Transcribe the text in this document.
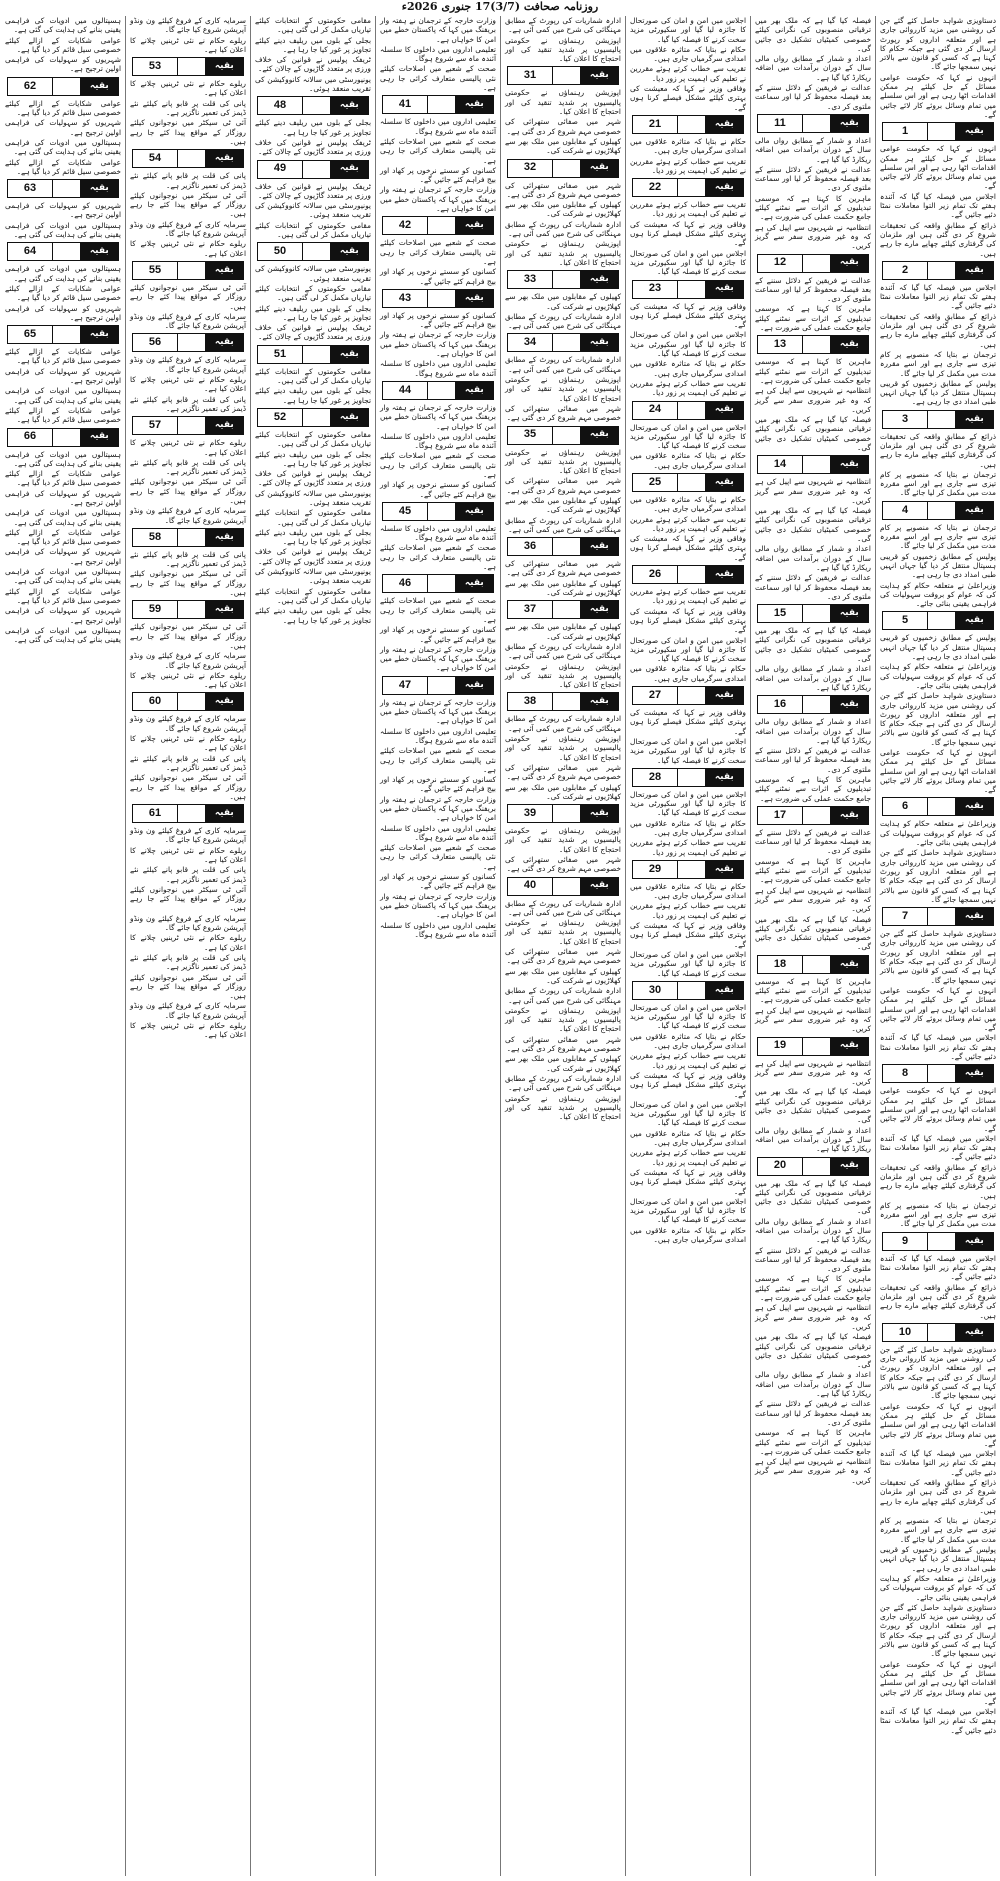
روزنامہ صحافت (3/7)17 جنوری 2026ء

دستاویزی شواہد حاصل کئے گئے جن کی روشنی میں مزید کارروائی جاری ہے اور متعلقہ اداروں کو رپورٹ ارسال کر دی گئی ہے جبکہ حکام کا کہنا ہے کہ کسی کو قانون سے بالاتر نہیں سمجھا جائے گا۔

انہوں نے کہا کہ حکومت عوامی مسائل کے حل کیلئے ہر ممکن اقدامات اٹھا رہی ہے اور اس سلسلے میں تمام وسائل بروئے کار لائے جائیں گے۔

1	بقیہ

انہوں نے کہا کہ حکومت عوامی مسائل کے حل کیلئے ہر ممکن اقدامات اٹھا رہی ہے اور اس سلسلے میں تمام وسائل بروئے کار لائے جائیں گے۔

اجلاس میں فیصلہ کیا گیا کہ آئندہ ہفتے تک تمام زیر التوا معاملات نمٹا دئیے جائیں گے۔

ذرائع کے مطابق واقعہ کی تحقیقات شروع کر دی گئی ہیں اور ملزمان کی گرفتاری کیلئے چھاپے مارے جا رہے ہیں۔

2	بقیہ

اجلاس میں فیصلہ کیا گیا کہ آئندہ ہفتے تک تمام زیر التوا معاملات نمٹا دئیے جائیں گے۔

ذرائع کے مطابق واقعہ کی تحقیقات شروع کر دی گئی ہیں اور ملزمان کی گرفتاری کیلئے چھاپے مارے جا رہے ہیں۔

ترجمان نے بتایا کہ منصوبے پر کام تیزی سے جاری ہے اور اسے مقررہ مدت میں مکمل کر لیا جائے گا۔

پولیس کے مطابق زخمیوں کو قریبی ہسپتال منتقل کر دیا گیا جہاں انہیں طبی امداد دی جا رہی ہے۔

3	بقیہ

ذرائع کے مطابق واقعہ کی تحقیقات شروع کر دی گئی ہیں اور ملزمان کی گرفتاری کیلئے چھاپے مارے جا رہے ہیں۔

ترجمان نے بتایا کہ منصوبے پر کام تیزی سے جاری ہے اور اسے مقررہ مدت میں مکمل کر لیا جائے گا۔

4	بقیہ

ترجمان نے بتایا کہ منصوبے پر کام تیزی سے جاری ہے اور اسے مقررہ مدت میں مکمل کر لیا جائے گا۔

پولیس کے مطابق زخمیوں کو قریبی ہسپتال منتقل کر دیا گیا جہاں انہیں طبی امداد دی جا رہی ہے۔

وزیراعلیٰ نے متعلقہ حکام کو ہدایت کی کہ عوام کو بروقت سہولیات کی فراہمی یقینی بنائی جائے۔

5	بقیہ

پولیس کے مطابق زخمیوں کو قریبی ہسپتال منتقل کر دیا گیا جہاں انہیں طبی امداد دی جا رہی ہے۔

وزیراعلیٰ نے متعلقہ حکام کو ہدایت کی کہ عوام کو بروقت سہولیات کی فراہمی یقینی بنائی جائے۔

دستاویزی شواہد حاصل کئے گئے جن کی روشنی میں مزید کارروائی جاری ہے اور متعلقہ اداروں کو رپورٹ ارسال کر دی گئی ہے جبکہ حکام کا کہنا ہے کہ کسی کو قانون سے بالاتر نہیں سمجھا جائے گا۔

انہوں نے کہا کہ حکومت عوامی مسائل کے حل کیلئے ہر ممکن اقدامات اٹھا رہی ہے اور اس سلسلے میں تمام وسائل بروئے کار لائے جائیں گے۔

6	بقیہ

وزیراعلیٰ نے متعلقہ حکام کو ہدایت کی کہ عوام کو بروقت سہولیات کی فراہمی یقینی بنائی جائے۔

دستاویزی شواہد حاصل کئے گئے جن کی روشنی میں مزید کارروائی جاری ہے اور متعلقہ اداروں کو رپورٹ ارسال کر دی گئی ہے جبکہ حکام کا کہنا ہے کہ کسی کو قانون سے بالاتر نہیں سمجھا جائے گا۔

7	بقیہ

دستاویزی شواہد حاصل کئے گئے جن کی روشنی میں مزید کارروائی جاری ہے اور متعلقہ اداروں کو رپورٹ ارسال کر دی گئی ہے جبکہ حکام کا کہنا ہے کہ کسی کو قانون سے بالاتر نہیں سمجھا جائے گا۔

انہوں نے کہا کہ حکومت عوامی مسائل کے حل کیلئے ہر ممکن اقدامات اٹھا رہی ہے اور اس سلسلے میں تمام وسائل بروئے کار لائے جائیں گے۔

اجلاس میں فیصلہ کیا گیا کہ آئندہ ہفتے تک تمام زیر التوا معاملات نمٹا دئیے جائیں گے۔

8	بقیہ

انہوں نے کہا کہ حکومت عوامی مسائل کے حل کیلئے ہر ممکن اقدامات اٹھا رہی ہے اور اس سلسلے میں تمام وسائل بروئے کار لائے جائیں گے۔

اجلاس میں فیصلہ کیا گیا کہ آئندہ ہفتے تک تمام زیر التوا معاملات نمٹا دئیے جائیں گے۔

ذرائع کے مطابق واقعہ کی تحقیقات شروع کر دی گئی ہیں اور ملزمان کی گرفتاری کیلئے چھاپے مارے جا رہے ہیں۔

ترجمان نے بتایا کہ منصوبے پر کام تیزی سے جاری ہے اور اسے مقررہ مدت میں مکمل کر لیا جائے گا۔

9	بقیہ

اجلاس میں فیصلہ کیا گیا کہ آئندہ ہفتے تک تمام زیر التوا معاملات نمٹا دئیے جائیں گے۔

ذرائع کے مطابق واقعہ کی تحقیقات شروع کر دی گئی ہیں اور ملزمان کی گرفتاری کیلئے چھاپے مارے جا رہے ہیں۔

10	بقیہ

دستاویزی شواہد حاصل کئے گئے جن کی روشنی میں مزید کارروائی جاری ہے اور متعلقہ اداروں کو رپورٹ ارسال کر دی گئی ہے جبکہ حکام کا کہنا ہے کہ کسی کو قانون سے بالاتر نہیں سمجھا جائے گا۔

انہوں نے کہا کہ حکومت عوامی مسائل کے حل کیلئے ہر ممکن اقدامات اٹھا رہی ہے اور اس سلسلے میں تمام وسائل بروئے کار لائے جائیں گے۔

اجلاس میں فیصلہ کیا گیا کہ آئندہ ہفتے تک تمام زیر التوا معاملات نمٹا دئیے جائیں گے۔

ذرائع کے مطابق واقعہ کی تحقیقات شروع کر دی گئی ہیں اور ملزمان کی گرفتاری کیلئے چھاپے مارے جا رہے ہیں۔

ترجمان نے بتایا کہ منصوبے پر کام تیزی سے جاری ہے اور اسے مقررہ مدت میں مکمل کر لیا جائے گا۔

پولیس کے مطابق زخمیوں کو قریبی ہسپتال منتقل کر دیا گیا جہاں انہیں طبی امداد دی جا رہی ہے۔

وزیراعلیٰ نے متعلقہ حکام کو ہدایت کی کہ عوام کو بروقت سہولیات کی فراہمی یقینی بنائی جائے۔

دستاویزی شواہد حاصل کئے گئے جن کی روشنی میں مزید کارروائی جاری ہے اور متعلقہ اداروں کو رپورٹ ارسال کر دی گئی ہے جبکہ حکام کا کہنا ہے کہ کسی کو قانون سے بالاتر نہیں سمجھا جائے گا۔

انہوں نے کہا کہ حکومت عوامی مسائل کے حل کیلئے ہر ممکن اقدامات اٹھا رہی ہے اور اس سلسلے میں تمام وسائل بروئے کار لائے جائیں گے۔

اجلاس میں فیصلہ کیا گیا کہ آئندہ ہفتے تک تمام زیر التوا معاملات نمٹا دئیے جائیں گے۔

فیصلہ کیا گیا ہے کہ ملک بھر میں ترقیاتی منصوبوں کی نگرانی کیلئے خصوصی کمیٹیاں تشکیل دی جائیں گی۔

اعداد و شمار کے مطابق رواں مالی سال کے دوران برآمدات میں اضافہ ریکارڈ کیا گیا ہے۔

عدالت نے فریقین کے دلائل سننے کے بعد فیصلہ محفوظ کر لیا اور سماعت ملتوی کر دی۔

11	بقیہ

اعداد و شمار کے مطابق رواں مالی سال کے دوران برآمدات میں اضافہ ریکارڈ کیا گیا ہے۔

عدالت نے فریقین کے دلائل سننے کے بعد فیصلہ محفوظ کر لیا اور سماعت ملتوی کر دی۔

ماہرین کا کہنا ہے کہ موسمی تبدیلیوں کے اثرات سے نمٹنے کیلئے جامع حکمت عملی کی ضرورت ہے۔

انتظامیہ نے شہریوں سے اپیل کی ہے کہ وہ غیر ضروری سفر سے گریز کریں۔

12	بقیہ

عدالت نے فریقین کے دلائل سننے کے بعد فیصلہ محفوظ کر لیا اور سماعت ملتوی کر دی۔

ماہرین کا کہنا ہے کہ موسمی تبدیلیوں کے اثرات سے نمٹنے کیلئے جامع حکمت عملی کی ضرورت ہے۔

13	بقیہ

ماہرین کا کہنا ہے کہ موسمی تبدیلیوں کے اثرات سے نمٹنے کیلئے جامع حکمت عملی کی ضرورت ہے۔

انتظامیہ نے شہریوں سے اپیل کی ہے کہ وہ غیر ضروری سفر سے گریز کریں۔

فیصلہ کیا گیا ہے کہ ملک بھر میں ترقیاتی منصوبوں کی نگرانی کیلئے خصوصی کمیٹیاں تشکیل دی جائیں گی۔

14	بقیہ

انتظامیہ نے شہریوں سے اپیل کی ہے کہ وہ غیر ضروری سفر سے گریز کریں۔

فیصلہ کیا گیا ہے کہ ملک بھر میں ترقیاتی منصوبوں کی نگرانی کیلئے خصوصی کمیٹیاں تشکیل دی جائیں گی۔

اعداد و شمار کے مطابق رواں مالی سال کے دوران برآمدات میں اضافہ ریکارڈ کیا گیا ہے۔

عدالت نے فریقین کے دلائل سننے کے بعد فیصلہ محفوظ کر لیا اور سماعت ملتوی کر دی۔

15	بقیہ

فیصلہ کیا گیا ہے کہ ملک بھر میں ترقیاتی منصوبوں کی نگرانی کیلئے خصوصی کمیٹیاں تشکیل دی جائیں گی۔

اعداد و شمار کے مطابق رواں مالی سال کے دوران برآمدات میں اضافہ ریکارڈ کیا گیا ہے۔

16	بقیہ

اعداد و شمار کے مطابق رواں مالی سال کے دوران برآمدات میں اضافہ ریکارڈ کیا گیا ہے۔

عدالت نے فریقین کے دلائل سننے کے بعد فیصلہ محفوظ کر لیا اور سماعت ملتوی کر دی۔

ماہرین کا کہنا ہے کہ موسمی تبدیلیوں کے اثرات سے نمٹنے کیلئے جامع حکمت عملی کی ضرورت ہے۔

17	بقیہ

عدالت نے فریقین کے دلائل سننے کے بعد فیصلہ محفوظ کر لیا اور سماعت ملتوی کر دی۔

ماہرین کا کہنا ہے کہ موسمی تبدیلیوں کے اثرات سے نمٹنے کیلئے جامع حکمت عملی کی ضرورت ہے۔

انتظامیہ نے شہریوں سے اپیل کی ہے کہ وہ غیر ضروری سفر سے گریز کریں۔

فیصلہ کیا گیا ہے کہ ملک بھر میں ترقیاتی منصوبوں کی نگرانی کیلئے خصوصی کمیٹیاں تشکیل دی جائیں گی۔

18	بقیہ

ماہرین کا کہنا ہے کہ موسمی تبدیلیوں کے اثرات سے نمٹنے کیلئے جامع حکمت عملی کی ضرورت ہے۔

انتظامیہ نے شہریوں سے اپیل کی ہے کہ وہ غیر ضروری سفر سے گریز کریں۔

19	بقیہ

انتظامیہ نے شہریوں سے اپیل کی ہے کہ وہ غیر ضروری سفر سے گریز کریں۔

فیصلہ کیا گیا ہے کہ ملک بھر میں ترقیاتی منصوبوں کی نگرانی کیلئے خصوصی کمیٹیاں تشکیل دی جائیں گی۔

اعداد و شمار کے مطابق رواں مالی سال کے دوران برآمدات میں اضافہ ریکارڈ کیا گیا ہے۔

20	بقیہ

فیصلہ کیا گیا ہے کہ ملک بھر میں ترقیاتی منصوبوں کی نگرانی کیلئے خصوصی کمیٹیاں تشکیل دی جائیں گی۔

اعداد و شمار کے مطابق رواں مالی سال کے دوران برآمدات میں اضافہ ریکارڈ کیا گیا ہے۔

عدالت نے فریقین کے دلائل سننے کے بعد فیصلہ محفوظ کر لیا اور سماعت ملتوی کر دی۔

ماہرین کا کہنا ہے کہ موسمی تبدیلیوں کے اثرات سے نمٹنے کیلئے جامع حکمت عملی کی ضرورت ہے۔

انتظامیہ نے شہریوں سے اپیل کی ہے کہ وہ غیر ضروری سفر سے گریز کریں۔

فیصلہ کیا گیا ہے کہ ملک بھر میں ترقیاتی منصوبوں کی نگرانی کیلئے خصوصی کمیٹیاں تشکیل دی جائیں گی۔

اعداد و شمار کے مطابق رواں مالی سال کے دوران برآمدات میں اضافہ ریکارڈ کیا گیا ہے۔

عدالت نے فریقین کے دلائل سننے کے بعد فیصلہ محفوظ کر لیا اور سماعت ملتوی کر دی۔

ماہرین کا کہنا ہے کہ موسمی تبدیلیوں کے اثرات سے نمٹنے کیلئے جامع حکمت عملی کی ضرورت ہے۔

انتظامیہ نے شہریوں سے اپیل کی ہے کہ وہ غیر ضروری سفر سے گریز کریں۔

اجلاس میں امن و امان کی صورتحال کا جائزہ لیا گیا اور سکیورٹی مزید سخت کرنے کا فیصلہ کیا گیا۔

حکام نے بتایا کہ متاثرہ علاقوں میں امدادی سرگرمیاں جاری ہیں۔

تقریب سے خطاب کرتے ہوئے مقررین نے تعلیم کی اہمیت پر زور دیا۔

وفاقی وزیر نے کہا کہ معیشت کی بہتری کیلئے مشکل فیصلے کرنا ہوں گے۔

21	بقیہ

حکام نے بتایا کہ متاثرہ علاقوں میں امدادی سرگرمیاں جاری ہیں۔

تقریب سے خطاب کرتے ہوئے مقررین نے تعلیم کی اہمیت پر زور دیا۔

22	بقیہ

تقریب سے خطاب کرتے ہوئے مقررین نے تعلیم کی اہمیت پر زور دیا۔

وفاقی وزیر نے کہا کہ معیشت کی بہتری کیلئے مشکل فیصلے کرنا ہوں گے۔

اجلاس میں امن و امان کی صورتحال کا جائزہ لیا گیا اور سکیورٹی مزید سخت کرنے کا فیصلہ کیا گیا۔

23	بقیہ

وفاقی وزیر نے کہا کہ معیشت کی بہتری کیلئے مشکل فیصلے کرنا ہوں گے۔

اجلاس میں امن و امان کی صورتحال کا جائزہ لیا گیا اور سکیورٹی مزید سخت کرنے کا فیصلہ کیا گیا۔

حکام نے بتایا کہ متاثرہ علاقوں میں امدادی سرگرمیاں جاری ہیں۔

تقریب سے خطاب کرتے ہوئے مقررین نے تعلیم کی اہمیت پر زور دیا۔

24	بقیہ

اجلاس میں امن و امان کی صورتحال کا جائزہ لیا گیا اور سکیورٹی مزید سخت کرنے کا فیصلہ کیا گیا۔

حکام نے بتایا کہ متاثرہ علاقوں میں امدادی سرگرمیاں جاری ہیں۔

25	بقیہ

حکام نے بتایا کہ متاثرہ علاقوں میں امدادی سرگرمیاں جاری ہیں۔

تقریب سے خطاب کرتے ہوئے مقررین نے تعلیم کی اہمیت پر زور دیا۔

وفاقی وزیر نے کہا کہ معیشت کی بہتری کیلئے مشکل فیصلے کرنا ہوں گے۔

26	بقیہ

تقریب سے خطاب کرتے ہوئے مقررین نے تعلیم کی اہمیت پر زور دیا۔

وفاقی وزیر نے کہا کہ معیشت کی بہتری کیلئے مشکل فیصلے کرنا ہوں گے۔

اجلاس میں امن و امان کی صورتحال کا جائزہ لیا گیا اور سکیورٹی مزید سخت کرنے کا فیصلہ کیا گیا۔

حکام نے بتایا کہ متاثرہ علاقوں میں امدادی سرگرمیاں جاری ہیں۔

27	بقیہ

وفاقی وزیر نے کہا کہ معیشت کی بہتری کیلئے مشکل فیصلے کرنا ہوں گے۔

اجلاس میں امن و امان کی صورتحال کا جائزہ لیا گیا اور سکیورٹی مزید سخت کرنے کا فیصلہ کیا گیا۔

28	بقیہ

اجلاس میں امن و امان کی صورتحال کا جائزہ لیا گیا اور سکیورٹی مزید سخت کرنے کا فیصلہ کیا گیا۔

حکام نے بتایا کہ متاثرہ علاقوں میں امدادی سرگرمیاں جاری ہیں۔

تقریب سے خطاب کرتے ہوئے مقررین نے تعلیم کی اہمیت پر زور دیا۔

29	بقیہ

حکام نے بتایا کہ متاثرہ علاقوں میں امدادی سرگرمیاں جاری ہیں۔

تقریب سے خطاب کرتے ہوئے مقررین نے تعلیم کی اہمیت پر زور دیا۔

وفاقی وزیر نے کہا کہ معیشت کی بہتری کیلئے مشکل فیصلے کرنا ہوں گے۔

اجلاس میں امن و امان کی صورتحال کا جائزہ لیا گیا اور سکیورٹی مزید سخت کرنے کا فیصلہ کیا گیا۔

30	بقیہ

اجلاس میں امن و امان کی صورتحال کا جائزہ لیا گیا اور سکیورٹی مزید سخت کرنے کا فیصلہ کیا گیا۔

حکام نے بتایا کہ متاثرہ علاقوں میں امدادی سرگرمیاں جاری ہیں۔

تقریب سے خطاب کرتے ہوئے مقررین نے تعلیم کی اہمیت پر زور دیا۔

وفاقی وزیر نے کہا کہ معیشت کی بہتری کیلئے مشکل فیصلے کرنا ہوں گے۔

اجلاس میں امن و امان کی صورتحال کا جائزہ لیا گیا اور سکیورٹی مزید سخت کرنے کا فیصلہ کیا گیا۔

حکام نے بتایا کہ متاثرہ علاقوں میں امدادی سرگرمیاں جاری ہیں۔

تقریب سے خطاب کرتے ہوئے مقررین نے تعلیم کی اہمیت پر زور دیا۔

وفاقی وزیر نے کہا کہ معیشت کی بہتری کیلئے مشکل فیصلے کرنا ہوں گے۔

اجلاس میں امن و امان کی صورتحال کا جائزہ لیا گیا اور سکیورٹی مزید سخت کرنے کا فیصلہ کیا گیا۔

حکام نے بتایا کہ متاثرہ علاقوں میں امدادی سرگرمیاں جاری ہیں۔

ادارہ شماریات کی رپورٹ کے مطابق مہنگائی کی شرح میں کمی آئی ہے۔

اپوزیشن رہنماؤں نے حکومتی پالیسیوں پر شدید تنقید کی اور احتجاج کا اعلان کیا۔

31	بقیہ

اپوزیشن رہنماؤں نے حکومتی پالیسیوں پر شدید تنقید کی اور احتجاج کا اعلان کیا۔

شہر میں صفائی ستھرائی کی خصوصی مہم شروع کر دی گئی ہے۔

کھیلوں کے مقابلوں میں ملک بھر سے کھلاڑیوں نے شرکت کی۔

32	بقیہ

شہر میں صفائی ستھرائی کی خصوصی مہم شروع کر دی گئی ہے۔

کھیلوں کے مقابلوں میں ملک بھر سے کھلاڑیوں نے شرکت کی۔

ادارہ شماریات کی رپورٹ کے مطابق مہنگائی کی شرح میں کمی آئی ہے۔

اپوزیشن رہنماؤں نے حکومتی پالیسیوں پر شدید تنقید کی اور احتجاج کا اعلان کیا۔

33	بقیہ

کھیلوں کے مقابلوں میں ملک بھر سے کھلاڑیوں نے شرکت کی۔

ادارہ شماریات کی رپورٹ کے مطابق مہنگائی کی شرح میں کمی آئی ہے۔

34	بقیہ

ادارہ شماریات کی رپورٹ کے مطابق مہنگائی کی شرح میں کمی آئی ہے۔

اپوزیشن رہنماؤں نے حکومتی پالیسیوں پر شدید تنقید کی اور احتجاج کا اعلان کیا۔

شہر میں صفائی ستھرائی کی خصوصی مہم شروع کر دی گئی ہے۔

35	بقیہ

اپوزیشن رہنماؤں نے حکومتی پالیسیوں پر شدید تنقید کی اور احتجاج کا اعلان کیا۔

شہر میں صفائی ستھرائی کی خصوصی مہم شروع کر دی گئی ہے۔

کھیلوں کے مقابلوں میں ملک بھر سے کھلاڑیوں نے شرکت کی۔

ادارہ شماریات کی رپورٹ کے مطابق مہنگائی کی شرح میں کمی آئی ہے۔

36	بقیہ

شہر میں صفائی ستھرائی کی خصوصی مہم شروع کر دی گئی ہے۔

کھیلوں کے مقابلوں میں ملک بھر سے کھلاڑیوں نے شرکت کی۔

37	بقیہ

کھیلوں کے مقابلوں میں ملک بھر سے کھلاڑیوں نے شرکت کی۔

ادارہ شماریات کی رپورٹ کے مطابق مہنگائی کی شرح میں کمی آئی ہے۔

اپوزیشن رہنماؤں نے حکومتی پالیسیوں پر شدید تنقید کی اور احتجاج کا اعلان کیا۔

38	بقیہ

ادارہ شماریات کی رپورٹ کے مطابق مہنگائی کی شرح میں کمی آئی ہے۔

اپوزیشن رہنماؤں نے حکومتی پالیسیوں پر شدید تنقید کی اور احتجاج کا اعلان کیا۔

شہر میں صفائی ستھرائی کی خصوصی مہم شروع کر دی گئی ہے۔

کھیلوں کے مقابلوں میں ملک بھر سے کھلاڑیوں نے شرکت کی۔

39	بقیہ

اپوزیشن رہنماؤں نے حکومتی پالیسیوں پر شدید تنقید کی اور احتجاج کا اعلان کیا۔

شہر میں صفائی ستھرائی کی خصوصی مہم شروع کر دی گئی ہے۔

40	بقیہ

ادارہ شماریات کی رپورٹ کے مطابق مہنگائی کی شرح میں کمی آئی ہے۔

اپوزیشن رہنماؤں نے حکومتی پالیسیوں پر شدید تنقید کی اور احتجاج کا اعلان کیا۔

شہر میں صفائی ستھرائی کی خصوصی مہم شروع کر دی گئی ہے۔

کھیلوں کے مقابلوں میں ملک بھر سے کھلاڑیوں نے شرکت کی۔

ادارہ شماریات کی رپورٹ کے مطابق مہنگائی کی شرح میں کمی آئی ہے۔

اپوزیشن رہنماؤں نے حکومتی پالیسیوں پر شدید تنقید کی اور احتجاج کا اعلان کیا۔

شہر میں صفائی ستھرائی کی خصوصی مہم شروع کر دی گئی ہے۔

کھیلوں کے مقابلوں میں ملک بھر سے کھلاڑیوں نے شرکت کی۔

ادارہ شماریات کی رپورٹ کے مطابق مہنگائی کی شرح میں کمی آئی ہے۔

اپوزیشن رہنماؤں نے حکومتی پالیسیوں پر شدید تنقید کی اور احتجاج کا اعلان کیا۔

وزارت خارجہ کے ترجمان نے ہفتہ وار بریفنگ میں کہا کہ پاکستان خطے میں امن کا خواہاں ہے۔

تعلیمی اداروں میں داخلوں کا سلسلہ آئندہ ماہ سے شروع ہوگا۔

صحت کے شعبے میں اصلاحات کیلئے نئی پالیسی متعارف کرائی جا رہی ہے۔

41	بقیہ

تعلیمی اداروں میں داخلوں کا سلسلہ آئندہ ماہ سے شروع ہوگا۔

صحت کے شعبے میں اصلاحات کیلئے نئی پالیسی متعارف کرائی جا رہی ہے۔

کسانوں کو سستے نرخوں پر کھاد اور بیج فراہم کئے جائیں گے۔

وزارت خارجہ کے ترجمان نے ہفتہ وار بریفنگ میں کہا کہ پاکستان خطے میں امن کا خواہاں ہے۔

42	بقیہ

صحت کے شعبے میں اصلاحات کیلئے نئی پالیسی متعارف کرائی جا رہی ہے۔

کسانوں کو سستے نرخوں پر کھاد اور بیج فراہم کئے جائیں گے۔

43	بقیہ

کسانوں کو سستے نرخوں پر کھاد اور بیج فراہم کئے جائیں گے۔

وزارت خارجہ کے ترجمان نے ہفتہ وار بریفنگ میں کہا کہ پاکستان خطے میں امن کا خواہاں ہے۔

تعلیمی اداروں میں داخلوں کا سلسلہ آئندہ ماہ سے شروع ہوگا۔

44	بقیہ

وزارت خارجہ کے ترجمان نے ہفتہ وار بریفنگ میں کہا کہ پاکستان خطے میں امن کا خواہاں ہے۔

تعلیمی اداروں میں داخلوں کا سلسلہ آئندہ ماہ سے شروع ہوگا۔

صحت کے شعبے میں اصلاحات کیلئے نئی پالیسی متعارف کرائی جا رہی ہے۔

کسانوں کو سستے نرخوں پر کھاد اور بیج فراہم کئے جائیں گے۔

45	بقیہ

تعلیمی اداروں میں داخلوں کا سلسلہ آئندہ ماہ سے شروع ہوگا۔

صحت کے شعبے میں اصلاحات کیلئے نئی پالیسی متعارف کرائی جا رہی ہے۔

46	بقیہ

صحت کے شعبے میں اصلاحات کیلئے نئی پالیسی متعارف کرائی جا رہی ہے۔

کسانوں کو سستے نرخوں پر کھاد اور بیج فراہم کئے جائیں گے۔

وزارت خارجہ کے ترجمان نے ہفتہ وار بریفنگ میں کہا کہ پاکستان خطے میں امن کا خواہاں ہے۔

47	بقیہ

وزارت خارجہ کے ترجمان نے ہفتہ وار بریفنگ میں کہا کہ پاکستان خطے میں امن کا خواہاں ہے۔

تعلیمی اداروں میں داخلوں کا سلسلہ آئندہ ماہ سے شروع ہوگا۔

صحت کے شعبے میں اصلاحات کیلئے نئی پالیسی متعارف کرائی جا رہی ہے۔

کسانوں کو سستے نرخوں پر کھاد اور بیج فراہم کئے جائیں گے۔

وزارت خارجہ کے ترجمان نے ہفتہ وار بریفنگ میں کہا کہ پاکستان خطے میں امن کا خواہاں ہے۔

تعلیمی اداروں میں داخلوں کا سلسلہ آئندہ ماہ سے شروع ہوگا۔

صحت کے شعبے میں اصلاحات کیلئے نئی پالیسی متعارف کرائی جا رہی ہے۔

کسانوں کو سستے نرخوں پر کھاد اور بیج فراہم کئے جائیں گے۔

وزارت خارجہ کے ترجمان نے ہفتہ وار بریفنگ میں کہا کہ پاکستان خطے میں امن کا خواہاں ہے۔

تعلیمی اداروں میں داخلوں کا سلسلہ آئندہ ماہ سے شروع ہوگا۔

مقامی حکومتوں کے انتخابات کیلئے تیاریاں مکمل کر لی گئی ہیں۔

بجلی کے بلوں میں ریلیف دینے کیلئے تجاویز پر غور کیا جا رہا ہے۔

ٹریفک پولیس نے قوانین کی خلاف ورزی پر متعدد گاڑیوں کے چالان کئے۔

یونیورسٹی میں سالانہ کانووکیشن کی تقریب منعقد ہوئی۔

48	بقیہ

بجلی کے بلوں میں ریلیف دینے کیلئے تجاویز پر غور کیا جا رہا ہے۔

ٹریفک پولیس نے قوانین کی خلاف ورزی پر متعدد گاڑیوں کے چالان کئے۔

49	بقیہ

ٹریفک پولیس نے قوانین کی خلاف ورزی پر متعدد گاڑیوں کے چالان کئے۔

یونیورسٹی میں سالانہ کانووکیشن کی تقریب منعقد ہوئی۔

مقامی حکومتوں کے انتخابات کیلئے تیاریاں مکمل کر لی گئی ہیں۔

50	بقیہ

یونیورسٹی میں سالانہ کانووکیشن کی تقریب منعقد ہوئی۔

مقامی حکومتوں کے انتخابات کیلئے تیاریاں مکمل کر لی گئی ہیں۔

بجلی کے بلوں میں ریلیف دینے کیلئے تجاویز پر غور کیا جا رہا ہے۔

ٹریفک پولیس نے قوانین کی خلاف ورزی پر متعدد گاڑیوں کے چالان کئے۔

51	بقیہ

مقامی حکومتوں کے انتخابات کیلئے تیاریاں مکمل کر لی گئی ہیں۔

بجلی کے بلوں میں ریلیف دینے کیلئے تجاویز پر غور کیا جا رہا ہے۔

52	بقیہ

مقامی حکومتوں کے انتخابات کیلئے تیاریاں مکمل کر لی گئی ہیں۔

بجلی کے بلوں میں ریلیف دینے کیلئے تجاویز پر غور کیا جا رہا ہے۔

ٹریفک پولیس نے قوانین کی خلاف ورزی پر متعدد گاڑیوں کے چالان کئے۔

یونیورسٹی میں سالانہ کانووکیشن کی تقریب منعقد ہوئی۔

مقامی حکومتوں کے انتخابات کیلئے تیاریاں مکمل کر لی گئی ہیں۔

بجلی کے بلوں میں ریلیف دینے کیلئے تجاویز پر غور کیا جا رہا ہے۔

ٹریفک پولیس نے قوانین کی خلاف ورزی پر متعدد گاڑیوں کے چالان کئے۔

یونیورسٹی میں سالانہ کانووکیشن کی تقریب منعقد ہوئی۔

مقامی حکومتوں کے انتخابات کیلئے تیاریاں مکمل کر لی گئی ہیں۔

بجلی کے بلوں میں ریلیف دینے کیلئے تجاویز پر غور کیا جا رہا ہے۔

سرمایہ کاری کے فروغ کیلئے ون ونڈو آپریشن شروع کیا جائے گا۔

ریلوے حکام نے نئی ٹرینیں چلانے کا اعلان کیا ہے۔

53	بقیہ

ریلوے حکام نے نئی ٹرینیں چلانے کا اعلان کیا ہے۔

پانی کی قلت پر قابو پانے کیلئے نئے ڈیمز کی تعمیر ناگزیر ہے۔

آئی ٹی سیکٹر میں نوجوانوں کیلئے روزگار کے مواقع پیدا کئے جا رہے ہیں۔

54	بقیہ

پانی کی قلت پر قابو پانے کیلئے نئے ڈیمز کی تعمیر ناگزیر ہے۔

آئی ٹی سیکٹر میں نوجوانوں کیلئے روزگار کے مواقع پیدا کئے جا رہے ہیں۔

سرمایہ کاری کے فروغ کیلئے ون ونڈو آپریشن شروع کیا جائے گا۔

ریلوے حکام نے نئی ٹرینیں چلانے کا اعلان کیا ہے۔

55	بقیہ

آئی ٹی سیکٹر میں نوجوانوں کیلئے روزگار کے مواقع پیدا کئے جا رہے ہیں۔

سرمایہ کاری کے فروغ کیلئے ون ونڈو آپریشن شروع کیا جائے گا۔

56	بقیہ

سرمایہ کاری کے فروغ کیلئے ون ونڈو آپریشن شروع کیا جائے گا۔

ریلوے حکام نے نئی ٹرینیں چلانے کا اعلان کیا ہے۔

پانی کی قلت پر قابو پانے کیلئے نئے ڈیمز کی تعمیر ناگزیر ہے۔

57	بقیہ

ریلوے حکام نے نئی ٹرینیں چلانے کا اعلان کیا ہے۔

پانی کی قلت پر قابو پانے کیلئے نئے ڈیمز کی تعمیر ناگزیر ہے۔

آئی ٹی سیکٹر میں نوجوانوں کیلئے روزگار کے مواقع پیدا کئے جا رہے ہیں۔

سرمایہ کاری کے فروغ کیلئے ون ونڈو آپریشن شروع کیا جائے گا۔

58	بقیہ

پانی کی قلت پر قابو پانے کیلئے نئے ڈیمز کی تعمیر ناگزیر ہے۔

آئی ٹی سیکٹر میں نوجوانوں کیلئے روزگار کے مواقع پیدا کئے جا رہے ہیں۔

59	بقیہ

آئی ٹی سیکٹر میں نوجوانوں کیلئے روزگار کے مواقع پیدا کئے جا رہے ہیں۔

سرمایہ کاری کے فروغ کیلئے ون ونڈو آپریشن شروع کیا جائے گا۔

ریلوے حکام نے نئی ٹرینیں چلانے کا اعلان کیا ہے۔

60	بقیہ

سرمایہ کاری کے فروغ کیلئے ون ونڈو آپریشن شروع کیا جائے گا۔

ریلوے حکام نے نئی ٹرینیں چلانے کا اعلان کیا ہے۔

پانی کی قلت پر قابو پانے کیلئے نئے ڈیمز کی تعمیر ناگزیر ہے۔

آئی ٹی سیکٹر میں نوجوانوں کیلئے روزگار کے مواقع پیدا کئے جا رہے ہیں۔

61	بقیہ

سرمایہ کاری کے فروغ کیلئے ون ونڈو آپریشن شروع کیا جائے گا۔

ریلوے حکام نے نئی ٹرینیں چلانے کا اعلان کیا ہے۔

پانی کی قلت پر قابو پانے کیلئے نئے ڈیمز کی تعمیر ناگزیر ہے۔

آئی ٹی سیکٹر میں نوجوانوں کیلئے روزگار کے مواقع پیدا کئے جا رہے ہیں۔

سرمایہ کاری کے فروغ کیلئے ون ونڈو آپریشن شروع کیا جائے گا۔

ریلوے حکام نے نئی ٹرینیں چلانے کا اعلان کیا ہے۔

پانی کی قلت پر قابو پانے کیلئے نئے ڈیمز کی تعمیر ناگزیر ہے۔

آئی ٹی سیکٹر میں نوجوانوں کیلئے روزگار کے مواقع پیدا کئے جا رہے ہیں۔

سرمایہ کاری کے فروغ کیلئے ون ونڈو آپریشن شروع کیا جائے گا۔

ریلوے حکام نے نئی ٹرینیں چلانے کا اعلان کیا ہے۔

ہسپتالوں میں ادویات کی فراہمی یقینی بنانے کی ہدایت کی گئی ہے۔

عوامی شکایات کے ازالے کیلئے خصوصی سیل قائم کر دیا گیا ہے۔

شہریوں کو سہولیات کی فراہمی اولین ترجیح ہے۔

62	بقیہ

عوامی شکایات کے ازالے کیلئے خصوصی سیل قائم کر دیا گیا ہے۔

شہریوں کو سہولیات کی فراہمی اولین ترجیح ہے۔

ہسپتالوں میں ادویات کی فراہمی یقینی بنانے کی ہدایت کی گئی ہے۔

عوامی شکایات کے ازالے کیلئے خصوصی سیل قائم کر دیا گیا ہے۔

63	بقیہ

شہریوں کو سہولیات کی فراہمی اولین ترجیح ہے۔

ہسپتالوں میں ادویات کی فراہمی یقینی بنانے کی ہدایت کی گئی ہے۔

64	بقیہ

ہسپتالوں میں ادویات کی فراہمی یقینی بنانے کی ہدایت کی گئی ہے۔

عوامی شکایات کے ازالے کیلئے خصوصی سیل قائم کر دیا گیا ہے۔

شہریوں کو سہولیات کی فراہمی اولین ترجیح ہے۔

65	بقیہ

عوامی شکایات کے ازالے کیلئے خصوصی سیل قائم کر دیا گیا ہے۔

شہریوں کو سہولیات کی فراہمی اولین ترجیح ہے۔

ہسپتالوں میں ادویات کی فراہمی یقینی بنانے کی ہدایت کی گئی ہے۔

عوامی شکایات کے ازالے کیلئے خصوصی سیل قائم کر دیا گیا ہے۔

66	بقیہ

ہسپتالوں میں ادویات کی فراہمی یقینی بنانے کی ہدایت کی گئی ہے۔

عوامی شکایات کے ازالے کیلئے خصوصی سیل قائم کر دیا گیا ہے۔

شہریوں کو سہولیات کی فراہمی اولین ترجیح ہے۔

ہسپتالوں میں ادویات کی فراہمی یقینی بنانے کی ہدایت کی گئی ہے۔

عوامی شکایات کے ازالے کیلئے خصوصی سیل قائم کر دیا گیا ہے۔

شہریوں کو سہولیات کی فراہمی اولین ترجیح ہے۔

ہسپتالوں میں ادویات کی فراہمی یقینی بنانے کی ہدایت کی گئی ہے۔

عوامی شکایات کے ازالے کیلئے خصوصی سیل قائم کر دیا گیا ہے۔

شہریوں کو سہولیات کی فراہمی اولین ترجیح ہے۔

ہسپتالوں میں ادویات کی فراہمی یقینی بنانے کی ہدایت کی گئی ہے۔
